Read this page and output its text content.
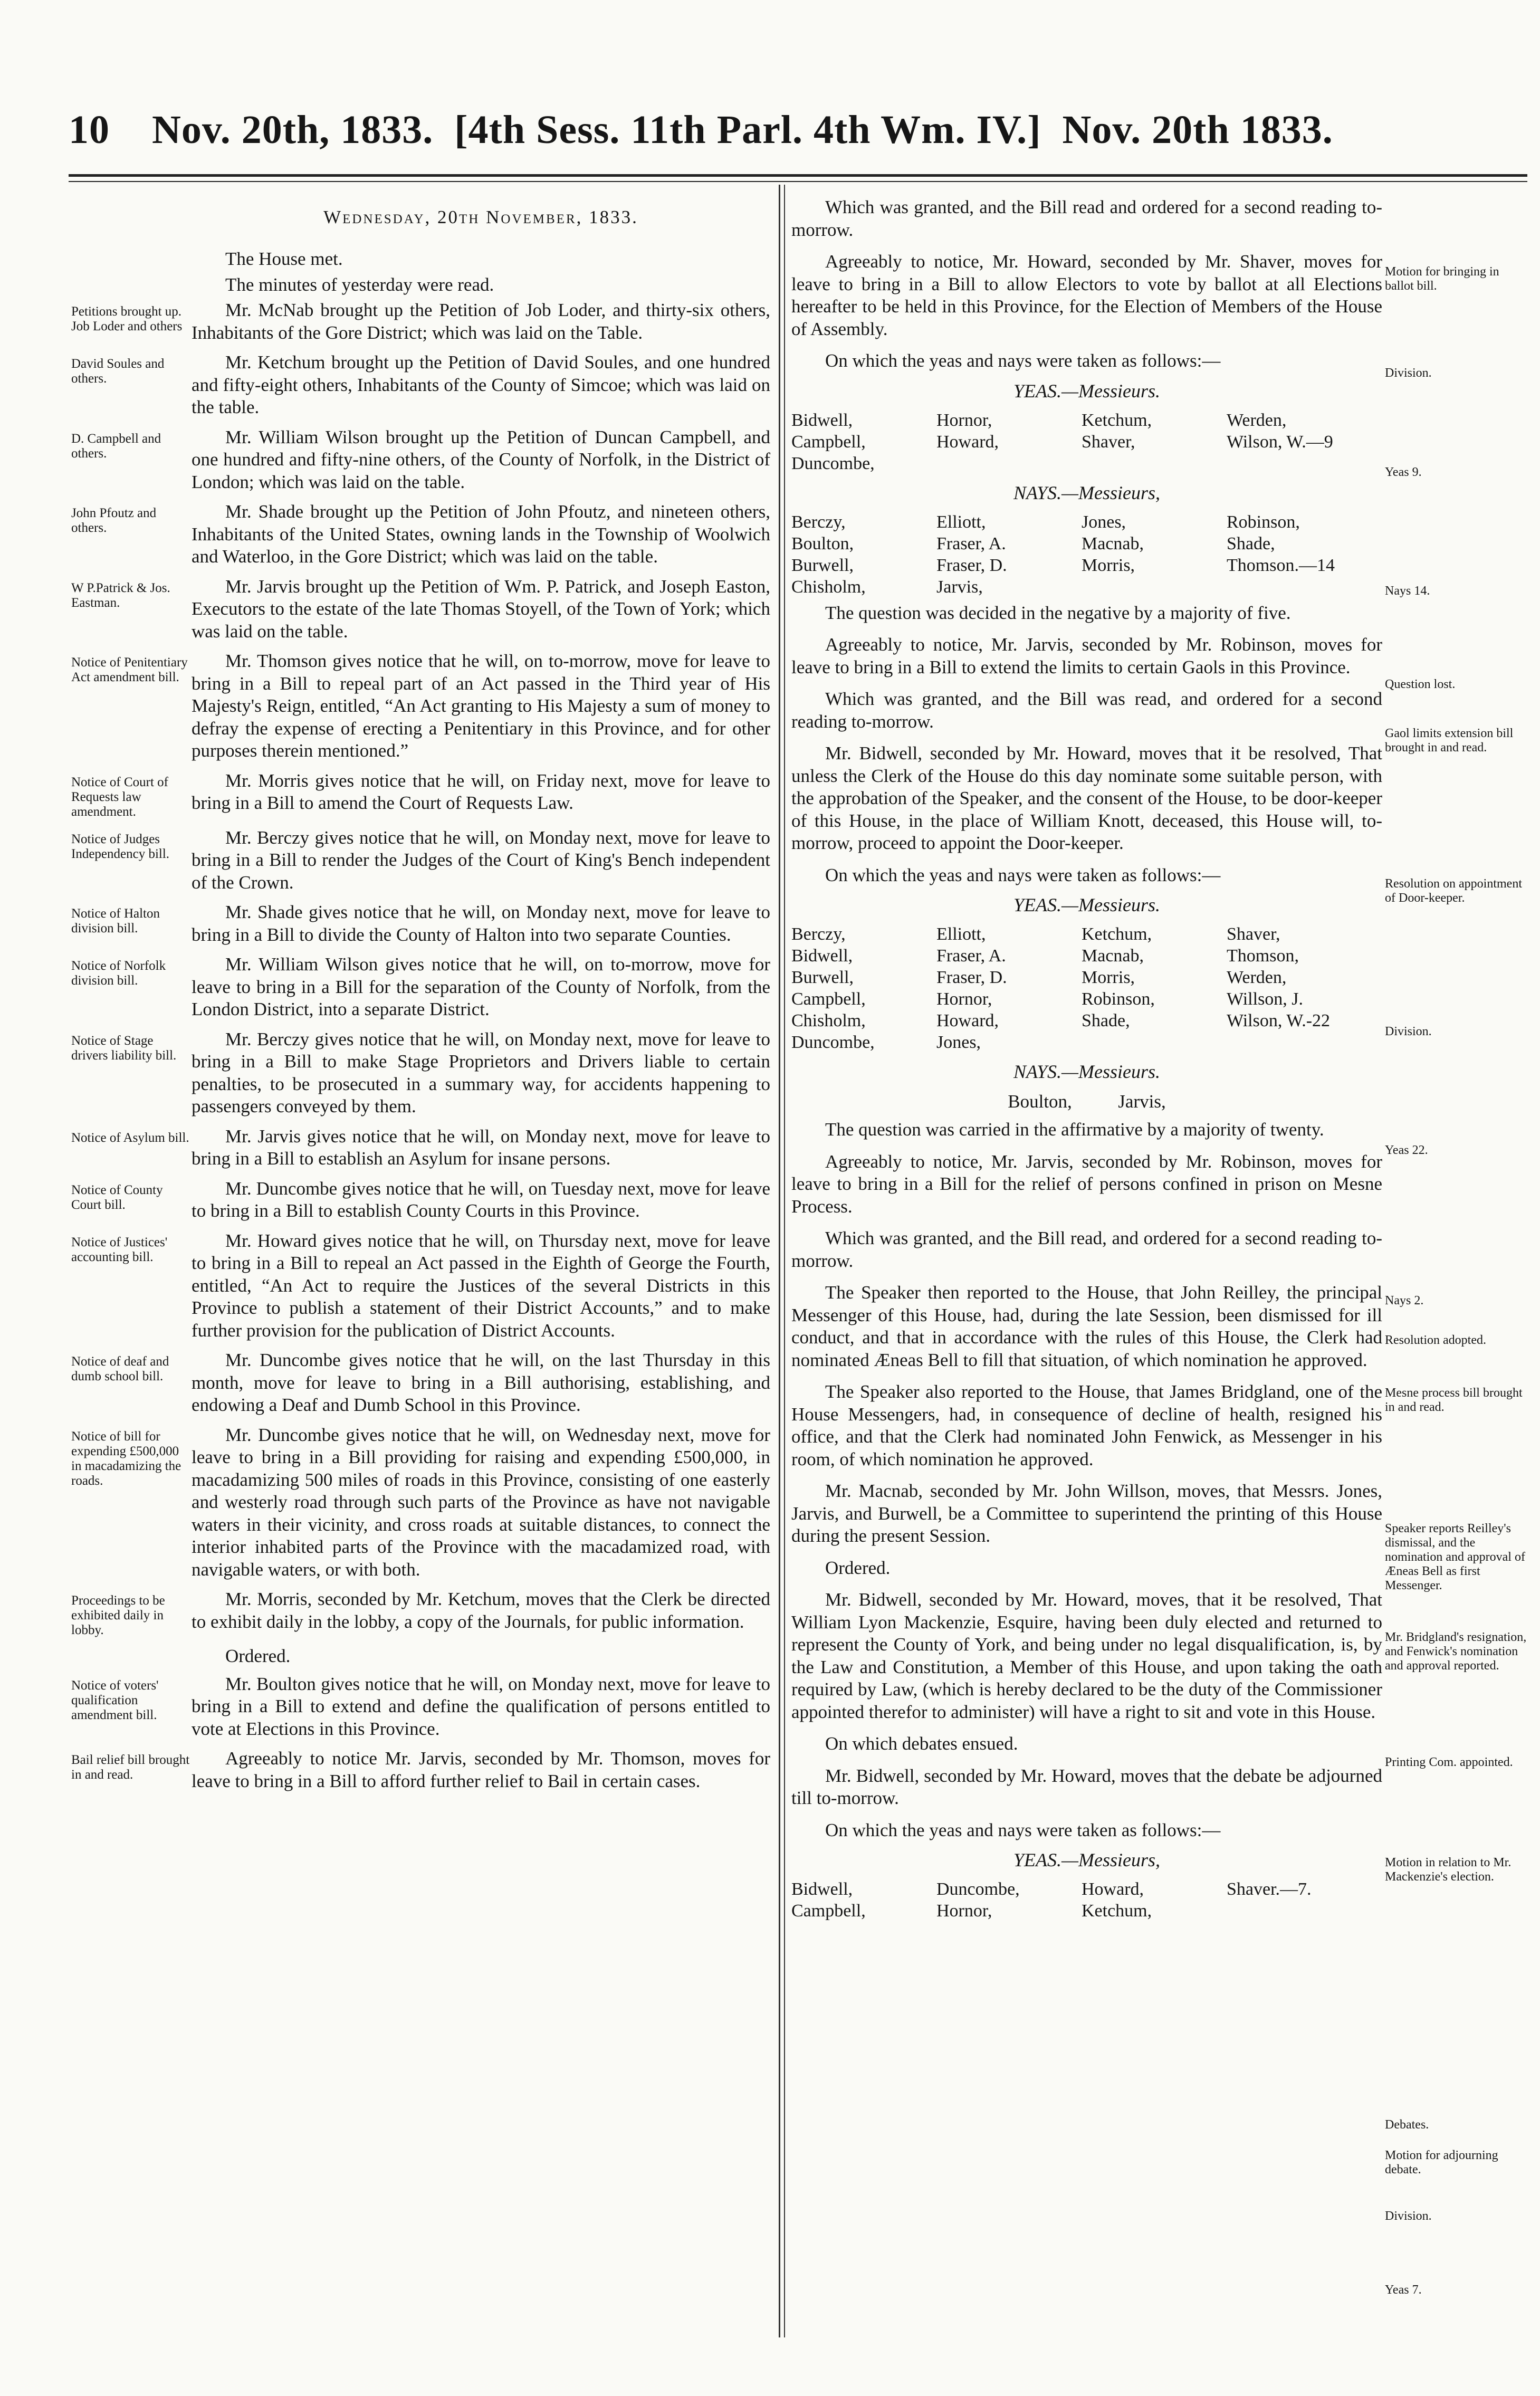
10 Nov. 20th, 1833. [4th Sess. 11th Parl. 4th Wm. IV.] Nov. 20th 1833.
Wednesday, 20th November, 1833.
The House met.
The minutes of yesterday were read.
Petitions brought up. Job Loder and others

Mr. McNab brought up the Petition of Job Loder, and thirty-six others, Inhabitants of the Gore District; which was laid on the Table.

David Soules and others.

Mr. Ketchum brought up the Petition of David Soules, and one hundred and fifty-eight others, Inhabitants of the County of Simcoe; which was laid on the table.

D. Campbell and others.

Mr. William Wilson brought up the Petition of Duncan Campbell, and one hundred and fifty-nine others, of the County of Norfolk, in the District of London; which was laid on the table.

John Pfoutz and others.

Mr. Shade brought up the Petition of John Pfoutz, and nineteen others, Inhabitants of the United States, owning lands in the Township of Woolwich and Waterloo, in the Gore District; which was laid on the table.

W P.Patrick & Jos. Eastman.

Mr. Jarvis brought up the Petition of Wm. P. Patrick, and Joseph Easton, Executors to the estate of the late Thomas Stoyell, of the Town of York; which was laid on the table.

Notice of Penitentiary Act amendment bill.

Mr. Thomson gives notice that he will, on to-morrow, move for leave to bring in a Bill to repeal part of an Act passed in the Third year of His Majesty's Reign, entitled, “An Act granting to His Majesty a sum of money to defray the expense of erecting a Penitentiary in this Province, and for other purposes therein mentioned.”

Notice of Court of Requests law amendment.

Mr. Morris gives notice that he will, on Friday next, move for leave to bring in a Bill to amend the Court of Requests Law.

Notice of Judges Independency bill.

Mr. Berczy gives notice that he will, on Monday next, move for leave to bring in a Bill to render the Judges of the Court of King's Bench independent of the Crown.

Notice of Halton division bill.

Mr. Shade gives notice that he will, on Monday next, move for leave to bring in a Bill to divide the County of Halton into two separate Counties.

Notice of Norfolk division bill.

Mr. William Wilson gives notice that he will, on to-morrow, move for leave to bring in a Bill for the separation of the County of Norfolk, from the London District, into a separate District.

Notice of Stage drivers liability bill.

Mr. Berczy gives notice that he will, on Monday next, move for leave to bring in a Bill to make Stage Proprietors and Drivers liable to certain penalties, to be prosecuted in a summary way, for accidents happening to passengers conveyed by them.

Notice of Asylum bill.	Mr. Jarvis gives notice that he will, on Monday next, move for leave to bring in a Bill to establish an Asylum for insane persons.

Notice of County Court bill.

Mr. Duncombe gives notice that he will, on Tuesday next, move for leave to bring in a Bill to establish County Courts in this Province.

Notice of Justices' accounting bill.

Mr. Howard gives notice that he will, on Thursday next, move for leave to bring in a Bill to repeal an Act passed in the Eighth of George the Fourth, entitled, “An Act to require the Justices of the several Districts in this Province to publish a statement of their District Accounts,” and to make further provision for the publication of District Accounts.

Notice of deaf and dumb school bill.

Mr. Duncombe gives notice that he will, on the last Thursday in this month, move for leave to bring in a Bill authorising, establishing, and endowing a Deaf and Dumb School in this Province.

Notice of bill for expending £500,000 in macadamizing the roads.

Mr. Duncombe gives notice that he will, on Wednesday next, move for leave to bring in a Bill providing for raising and expending £500,000, in macadamizing 500 miles of roads in this Province, consisting of one easterly and westerly road through such parts of the Province as have not navigable waters in their vicinity, and cross roads at suitable distances, to connect the interior inhabited parts of the Province with the macadamized road, with navigable waters, or with both.

Proceedings to be exhibited daily in lobby.

Mr. Morris, seconded by Mr. Ketchum, moves that the Clerk be directed to exhibit daily in the lobby, a copy of the Journals, for public information.

Ordered.
Notice of voters' qualification amendment bill.

Mr. Boulton gives notice that he will, on Monday next, move for leave to bring in a Bill to extend and define the qualification of persons entitled to vote at Elections in this Province.

Bail relief bill brought in and read.

Agreeably to notice Mr. Jarvis, seconded by Mr. Thomson, moves for leave to bring in a Bill to afford further relief to Bail in certain cases.

Which was granted, and the Bill read and ordered for a second reading to-morrow.

Agreeably to notice, Mr. Howard, seconded by Mr. Shaver, moves for leave to bring in a Bill to allow Electors to vote by ballot at all Elections hereafter to be held in this Province, for the Election of Members of the House of Assembly.

On which the yeas and nays were taken as follows:—

YEAS.—Messieurs.
Bidwell,	Hornor,	Ketchum,	Werden,
Campbell,	Howard,	Shaver,	Wilson, W.—9
Duncombe,
NAYS.—Messieurs,
Berczy,	Elliott,	Jones,	Robinson,
Boulton,	Fraser, A.	Macnab,	Shade,
Burwell,	Fraser, D.	Morris,	Thomson.—14
Chisholm,	Jarvis,

The question was decided in the negative by a majority of five.

Agreeably to notice, Mr. Jarvis, seconded by Mr. Robinson, moves for leave to bring in a Bill to extend the limits to certain Gaols in this Province.

Which was granted, and the Bill was read, and ordered for a second reading to-morrow.

Mr. Bidwell, seconded by Mr. Howard, moves that it be resolved, That unless the Clerk of the House do this day nominate some suitable person, with the approbation of the Speaker, and the consent of the House, to be door-keeper of this House, in the place of William Knott, deceased, this House will, to-morrow, proceed to appoint the Door-keeper.

On which the yeas and nays were taken as follows:—

YEAS.—Messieurs.
Berczy,	Elliott,	Ketchum,	Shaver,
Bidwell,	Fraser, A.	Macnab,	Thomson,
Burwell,	Fraser, D.	Morris,	Werden,
Campbell,	Hornor,	Robinson,	Willson, J.
Chisholm,	Howard,	Shade,	Wilson, W.-22
Duncombe,	Jones,
NAYS.—Messieurs.
Boulton,          Jarvis,

The question was carried in the affirmative by a majority of twenty.

Agreeably to notice, Mr. Jarvis, seconded by Mr. Robinson, moves for leave to bring in a Bill for the relief of persons confined in prison on Mesne Process.

Which was granted, and the Bill read, and ordered for a second reading to-morrow.

The Speaker then reported to the House, that John Reilley, the principal Messenger of this House, had, during the late Session, been dismissed for ill conduct, and that in accordance with the rules of this House, the Clerk had nominated Æneas Bell to fill that situation, of which nomination he approved.

The Speaker also reported to the House, that James Bridgland, one of the House Messengers, had, in consequence of decline of health, resigned his office, and that the Clerk had nominated John Fenwick, as Messenger in his room, of which nomination he approved.

Mr. Macnab, seconded by Mr. John Willson, moves, that Messrs. Jones, Jarvis, and Burwell, be a Committee to superintend the printing of this House during the present Session.

Ordered.

Mr. Bidwell, seconded by Mr. Howard, moves, that it be resolved, That William Lyon Mackenzie, Esquire, having been duly elected and returned to represent the County of York, and being under no legal disqualification, is, by the Law and Constitution, a Member of this House, and upon taking the oath required by Law, (which is hereby declared to be the duty of the Commissioner appointed therefor to administer) will have a right to sit and vote in this House.

On which debates ensued.

Mr. Bidwell, seconded by Mr. Howard, moves that the debate be adjourned till to-morrow.

On which the yeas and nays were taken as follows:—

YEAS.—Messieurs,
Bidwell,	Duncombe,	Howard,	Shaver.—7.
Campbell,	Hornor,	Ketchum,
Motion for bringing in ballot bill.
Division.
Yeas 9.
Nays 14.
Question lost.
Gaol limits extension bill brought in and read.
Resolution on appointment of Door-keeper.
Division.
Yeas 22.
Nays 2.
Resolution adopted.
Mesne process bill brought in and read.
Speaker reports Reilley's dismissal, and the nomination and approval of Æneas Bell as first Messenger.
Mr. Bridgland's resignation, and Fenwick's nomination and approval reported.
Printing Com. appointed.
Motion in relation to Mr. Mackenzie's election.
Debates.
Motion for adjourning debate.
Division.
Yeas 7.
